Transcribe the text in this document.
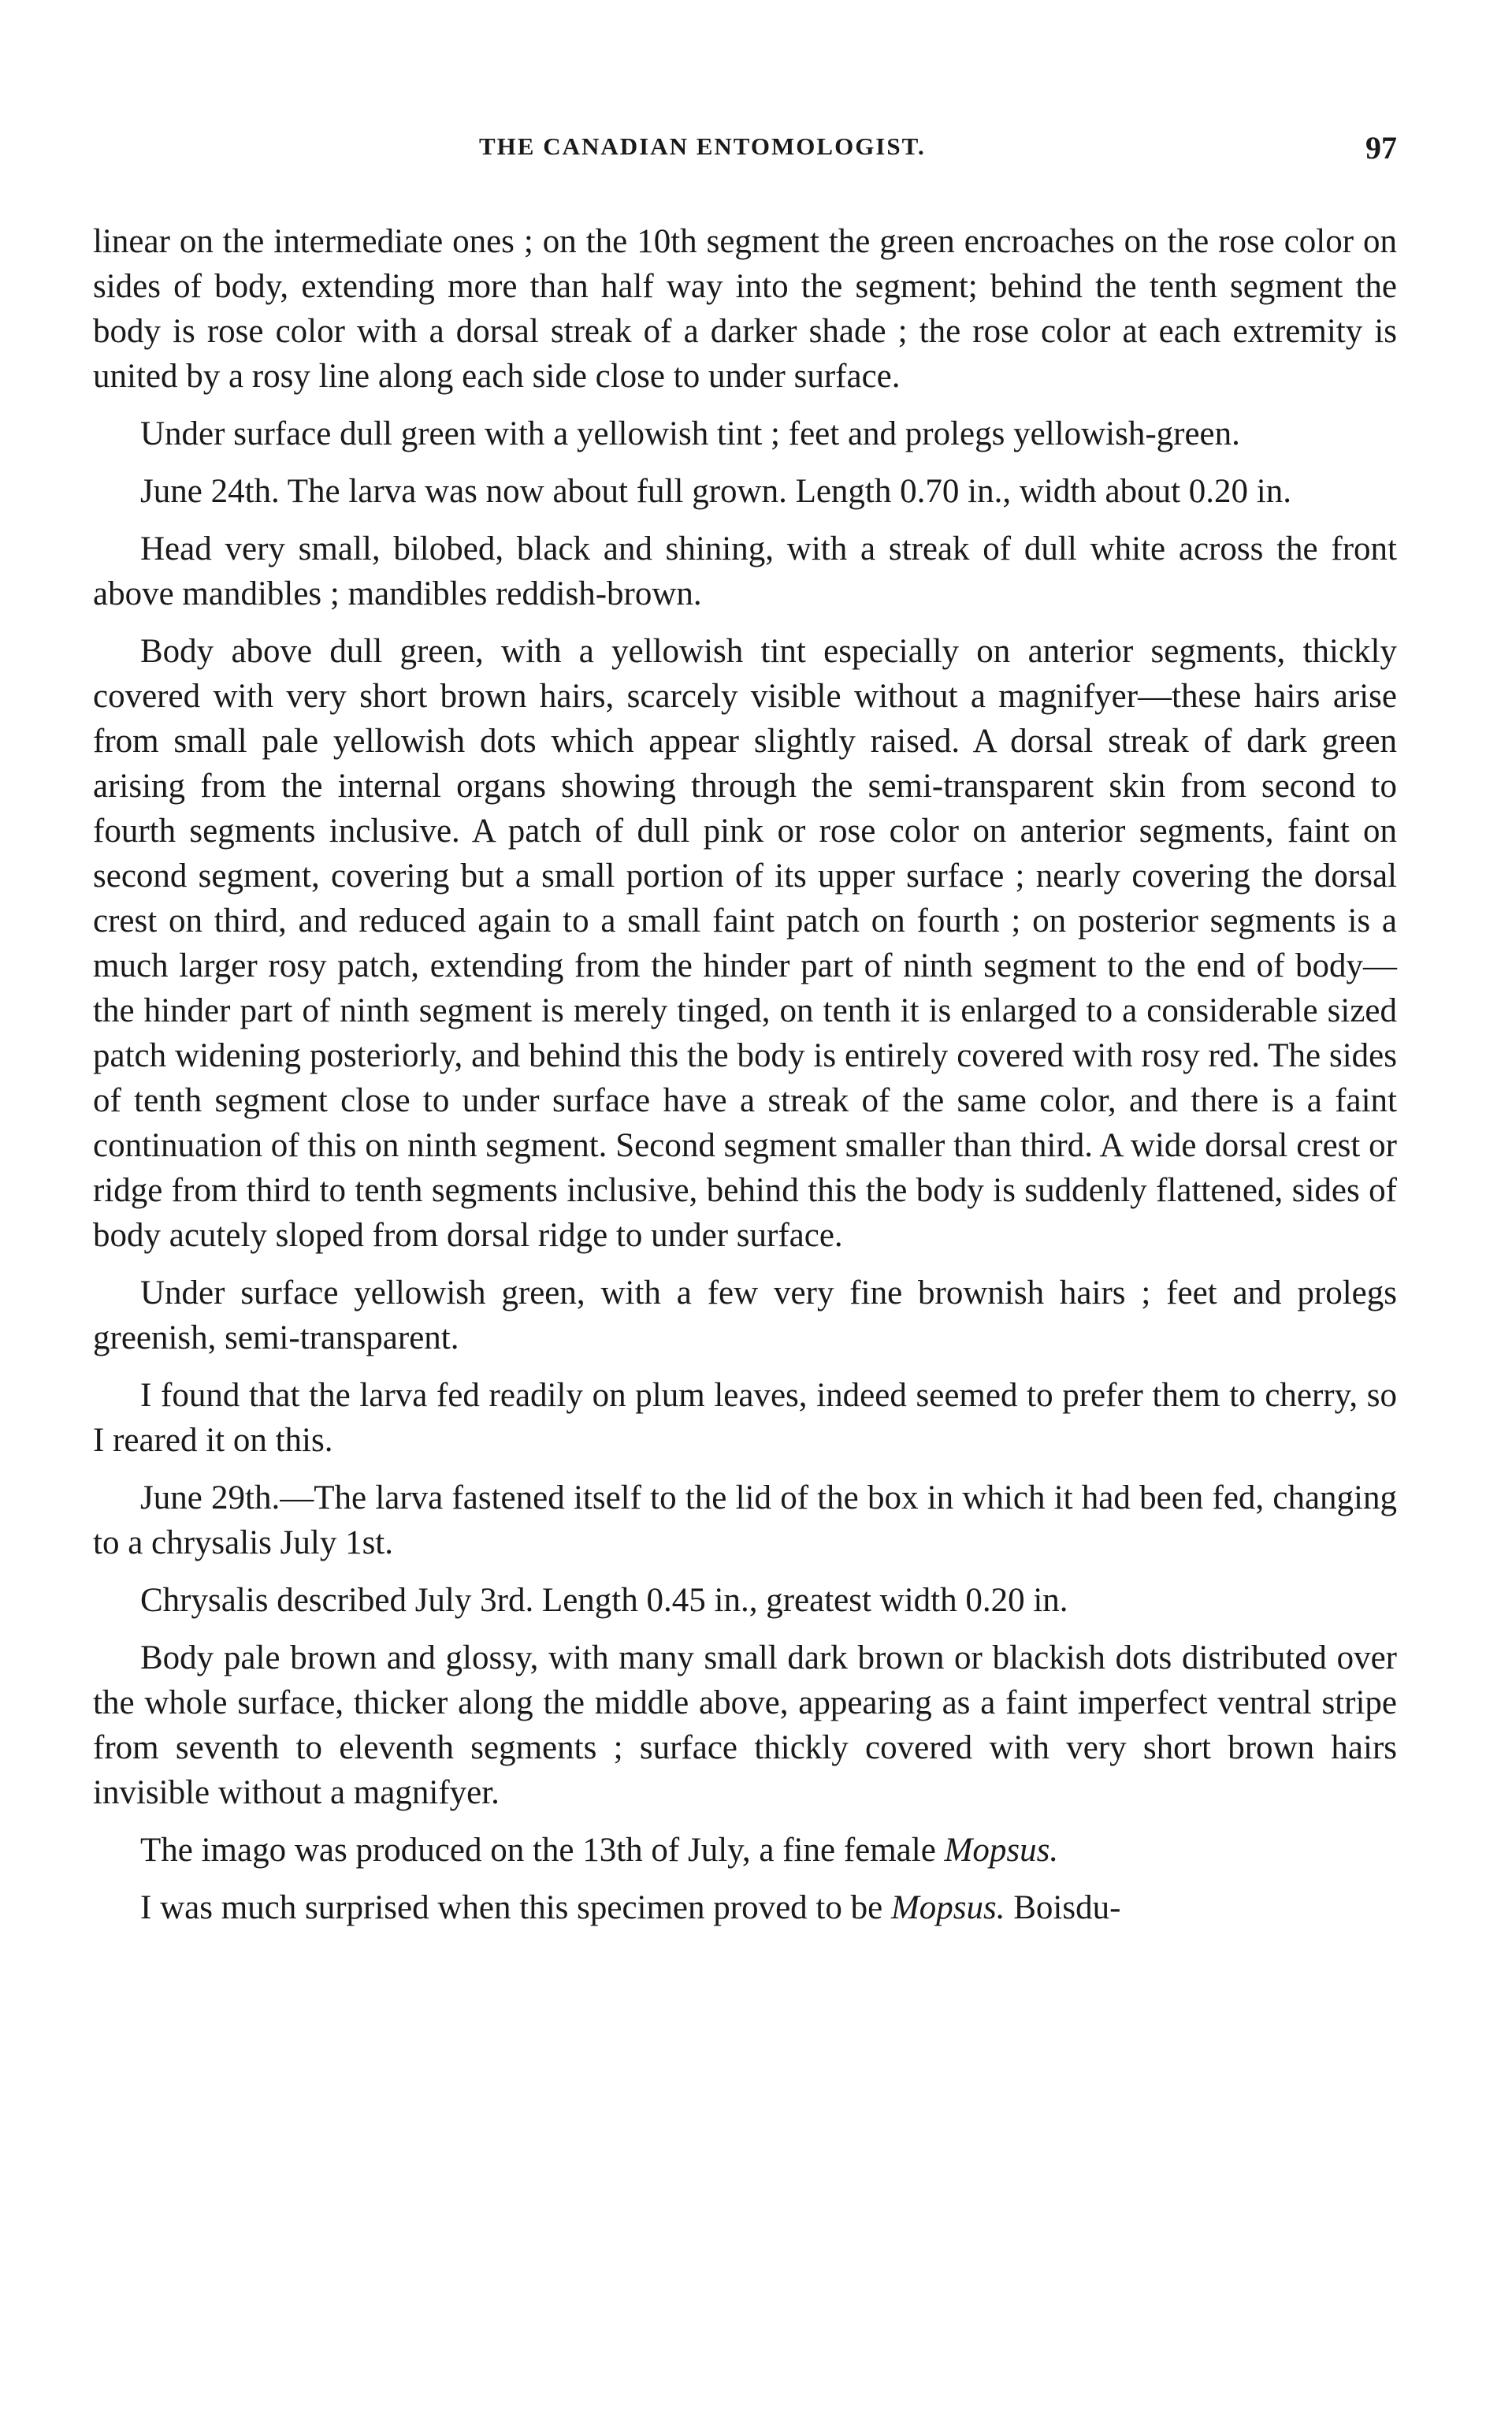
THE CANADIAN ENTOMOLOGIST.	97

linear on the intermediate ones ; on the 10th segment the green encroaches on the rose color on sides of body, extending more than half way into the segment; behind the tenth segment the body is rose color with a dorsal streak of a darker shade ; the rose color at each extremity is united by a rosy line along each side close to under surface.

Under surface dull green with a yellowish tint ; feet and prolegs yellowish-green.

June 24th. The larva was now about full grown. Length 0.70 in., width about 0.20 in.

Head very small, bilobed, black and shining, with a streak of dull white across the front above mandibles ; mandibles reddish-brown.

Body above dull green, with a yellowish tint especially on anterior segments, thickly covered with very short brown hairs, scarcely visible without a magnifyer—these hairs arise from small pale yellowish dots which appear slightly raised. A dorsal streak of dark green arising from the internal organs showing through the semi-transparent skin from second to fourth segments inclusive. A patch of dull pink or rose color on anterior segments, faint on second segment, covering but a small portion of its upper surface ; nearly covering the dorsal crest on third, and reduced again to a small faint patch on fourth ; on posterior segments is a much larger rosy patch, extending from the hinder part of ninth segment to the end of body—the hinder part of ninth segment is merely tinged, on tenth it is enlarged to a considerable sized patch widening posteriorly, and behind this the body is entirely covered with rosy red. The sides of tenth segment close to under surface have a streak of the same color, and there is a faint continuation of this on ninth segment. Second segment smaller than third. A wide dorsal crest or ridge from third to tenth segments inclusive, behind this the body is suddenly flattened, sides of body acutely sloped from dorsal ridge to under surface.

Under surface yellowish green, with a few very fine brownish hairs ; feet and prolegs greenish, semi-transparent.

I found that the larva fed readily on plum leaves, indeed seemed to prefer them to cherry, so I reared it on this.

June 29th.—The larva fastened itself to the lid of the box in which it had been fed, changing to a chrysalis July 1st.

Chrysalis described July 3rd. Length 0.45 in., greatest width 0.20 in.

Body pale brown and glossy, with many small dark brown or blackish dots distributed over the whole surface, thicker along the middle above, appearing as a faint imperfect ventral stripe from seventh to eleventh segments ; surface thickly covered with very short brown hairs invisible without a magnifyer.

The imago was produced on the 13th of July, a fine female Mopsus.

I was much surprised when this specimen proved to be Mopsus. Boisdu-
